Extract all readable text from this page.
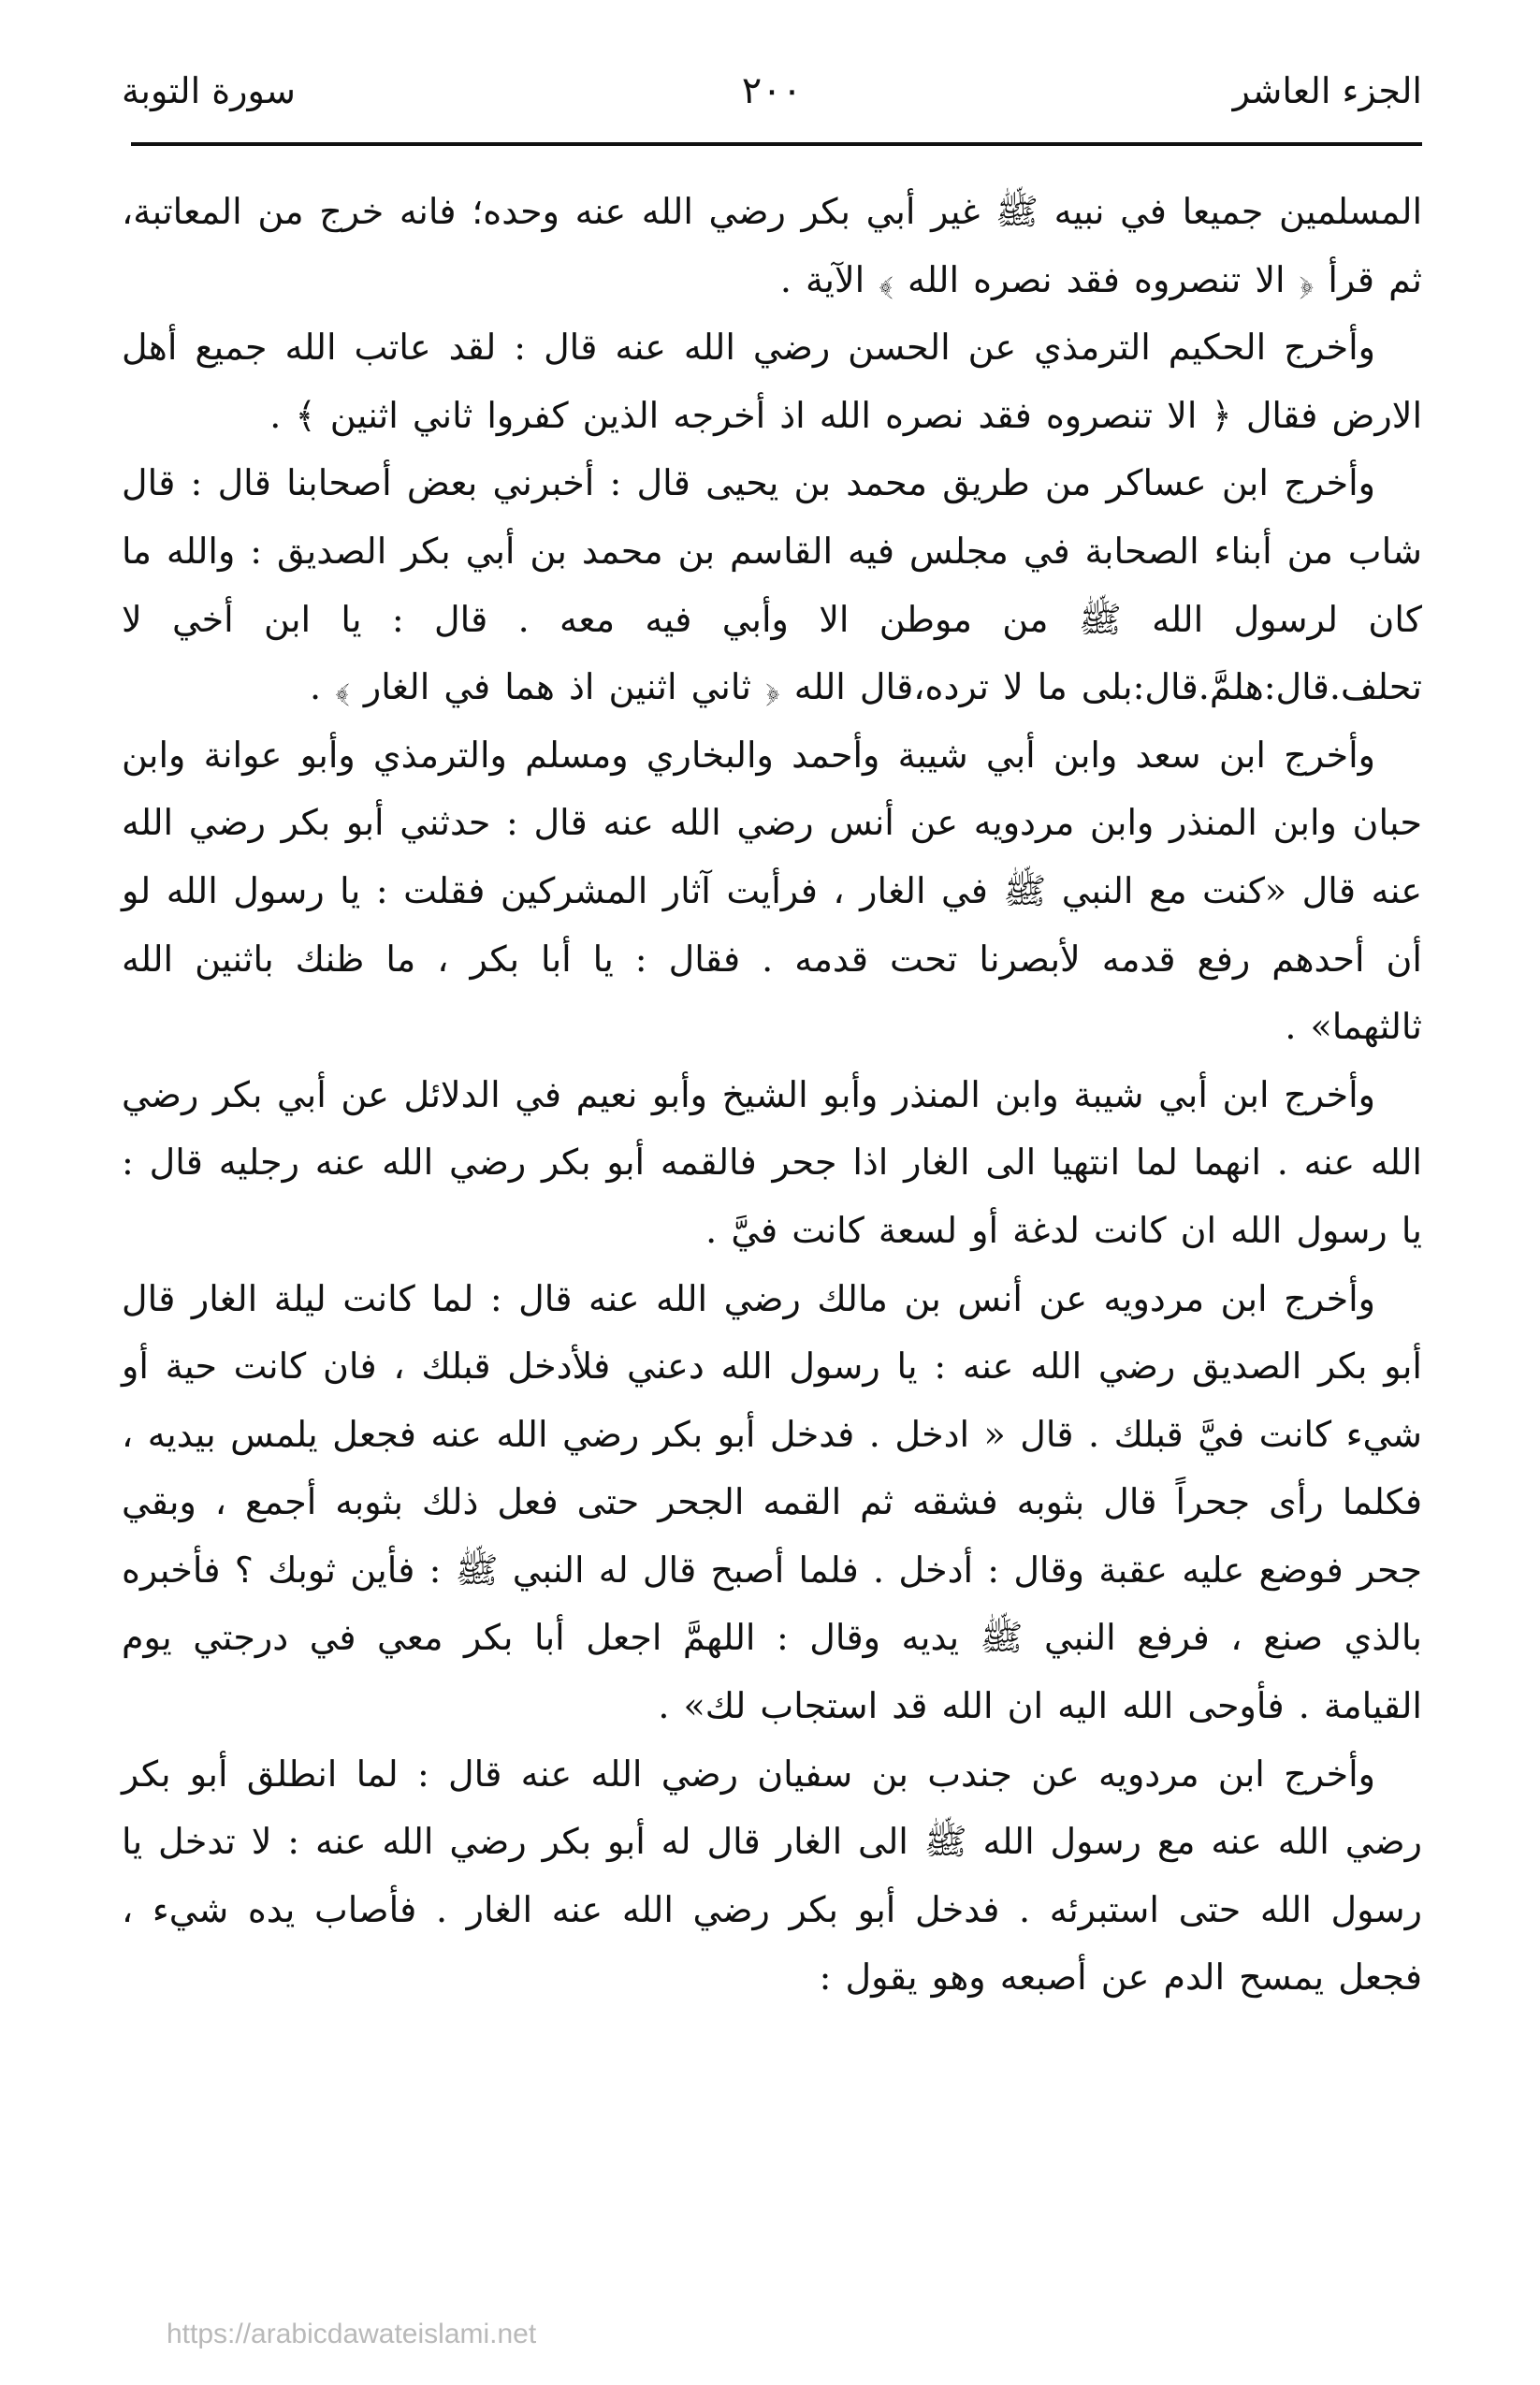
الجزء العاشر
٢٠٠
سورة التوبة

المسلمين جميعا في نبيه ﷺ غير أبي بكر رضي الله عنه وحده؛ فانه خرج من المعاتبة، ثم قرأ ﴿ الا تنصروه فقد نصره الله ﴾ الآية .

وأخرج الحكيم الترمذي عن الحسن رضي الله عنه قال : لقد عاتب الله جميع أهل الارض فقال ﴿ الا تنصروه فقد نصره الله اذ أخرجه الذين كفروا ثاني اثنين ﴾ .

وأخرج ابن عساكر من طريق محمد بن يحيى قال : أخبرني بعض أصحابنا قال : قال شاب من أبناء الصحابة في مجلس فيه القاسم بن محمد بن أبي بكر الصديق : والله ما كان لرسول الله ﷺ من موطن الا وأبي فيه معه . قال : يا ابن أخي لا تحلف.قال:هلمَّ.قال:بلى ما لا ترده،قال الله ﴿ ثاني اثنين اذ هما في الغار ﴾ .

وأخرج ابن سعد وابن أبي شيبة وأحمد والبخاري ومسلم والترمذي وأبو عوانة وابن حبان وابن المنذر وابن مردويه عن أنس رضي الله عنه قال : حدثني أبو بكر رضي الله عنه قال «كنت مع النبي ﷺ في الغار ، فرأيت آثار المشركين فقلت : يا رسول الله لو أن أحدهم رفع قدمه لأبصرنا تحت قدمه . فقال : يا أبا بكر ، ما ظنك باثنين الله ثالثهما» .

وأخرج ابن أبي شيبة وابن المنذر وأبو الشيخ وأبو نعيم في الدلائل عن أبي بكر رضي الله عنه . انهما لما انتهيا الى الغار اذا جحر فالقمه أبو بكر رضي الله عنه رجليه قال : يا رسول الله ان كانت لدغة أو لسعة كانت فيَّ .

وأخرج ابن مردويه عن أنس بن مالك رضي الله عنه قال : لما كانت ليلة الغار قال أبو بكر الصديق رضي الله عنه : يا رسول الله دعني فلأدخل قبلك ، فان كانت حية أو شيء كانت فيَّ قبلك . قال « ادخل . فدخل أبو بكر رضي الله عنه فجعل يلمس بيديه ، فكلما رأى جحراً قال بثوبه فشقه ثم القمه الجحر حتى فعل ذلك بثوبه أجمع ، وبقي جحر فوضع عليه عقبة وقال : أدخل . فلما أصبح قال له النبي ﷺ : فأين ثوبك ؟ فأخبره بالذي صنع ، فرفع النبي ﷺ يديه وقال : اللهمَّ اجعل أبا بكر معي في درجتي يوم القيامة . فأوحى الله اليه ان الله قد استجاب لك» .

وأخرج ابن مردويه عن جندب بن سفيان رضي الله عنه قال : لما انطلق أبو بكر رضي الله عنه مع رسول الله ﷺ الى الغار قال له أبو بكر رضي الله عنه : لا تدخل يا رسول الله حتى استبرئه . فدخل أبو بكر رضي الله عنه الغار . فأصاب يده شيء ، فجعل يمسح الدم عن أصبعه وهو يقول :

https://arabicdawateislami.net
